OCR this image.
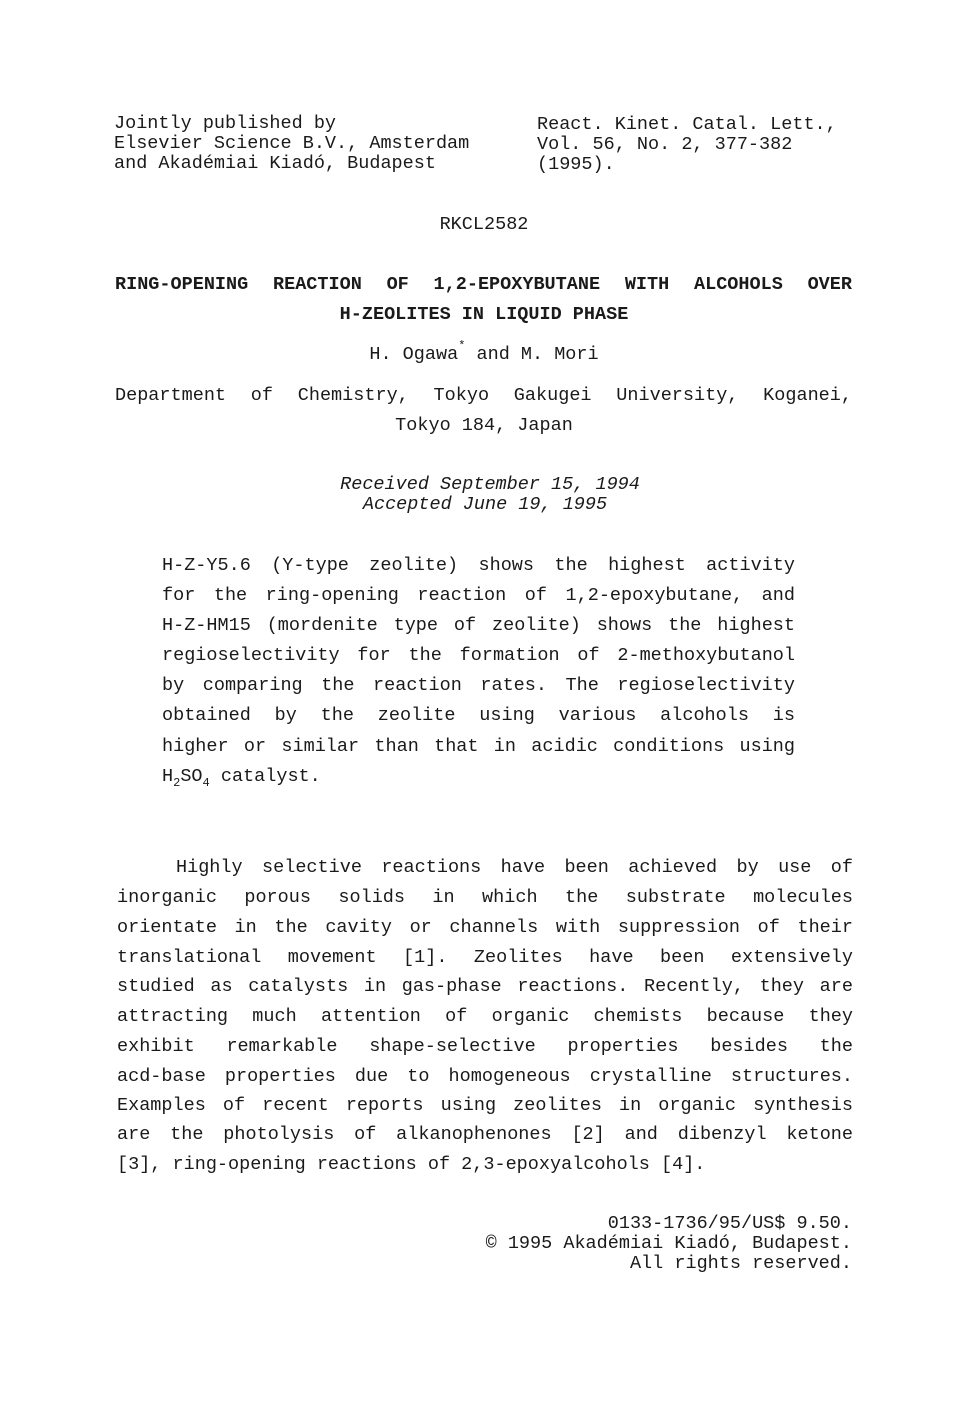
Jointly published by
Elsevier Science B.V., Amsterdam
and Akadémiai Kiadó, Budapest
React. Kinet. Catal. Lett.,
Vol. 56, No. 2, 377-382
(1995).
RKCL2582
RING-OPENING REACTION OF 1,2-EPOXYBUTANE WITH ALCOHOLS OVER
H-ZEOLITES IN LIQUID PHASE
H. Ogawa* and M. Mori
Department of Chemistry, Tokyo Gakugei University, Koganei,
Tokyo 184, Japan
Received September 15, 1994
Accepted June 19, 1995
H-Z-Y5.6 (Y-type zeolite) shows the highest activity
for the ring-opening reaction of 1,2-epoxybutane, and
H-Z-HM15 (mordenite type of zeolite) shows the highest
regioselectivity for the formation of 2-methoxybutanol
by comparing the reaction rates. The regioselectivity
obtained by the zeolite using various alcohols is
higher or similar than that in acidic conditions using
$H_2SO_4$ catalyst.
Highly selective reactions have been achieved by use of
inorganic porous solids in which the substrate molecules
orientate in the cavity or channels with suppression of their
translational movement [1]. Zeolites have been extensively
studied as catalysts in gas-phase reactions. Recently, they are
attracting much attention of organic chemists because they
exhibit remarkable shape-selective properties besides the
acd-base properties due to homogeneous crystalline structures.
Examples of recent reports using zeolites in organic synthesis
are the photolysis of alkanophenones [2] and dibenzyl ketone
[3], ring-opening reactions of 2,3-epoxyalcohols [4].
0133-1736/95/US$ 9.50.
© 1995 Akadémiai Kiadó, Budapest.
All rights reserved.
